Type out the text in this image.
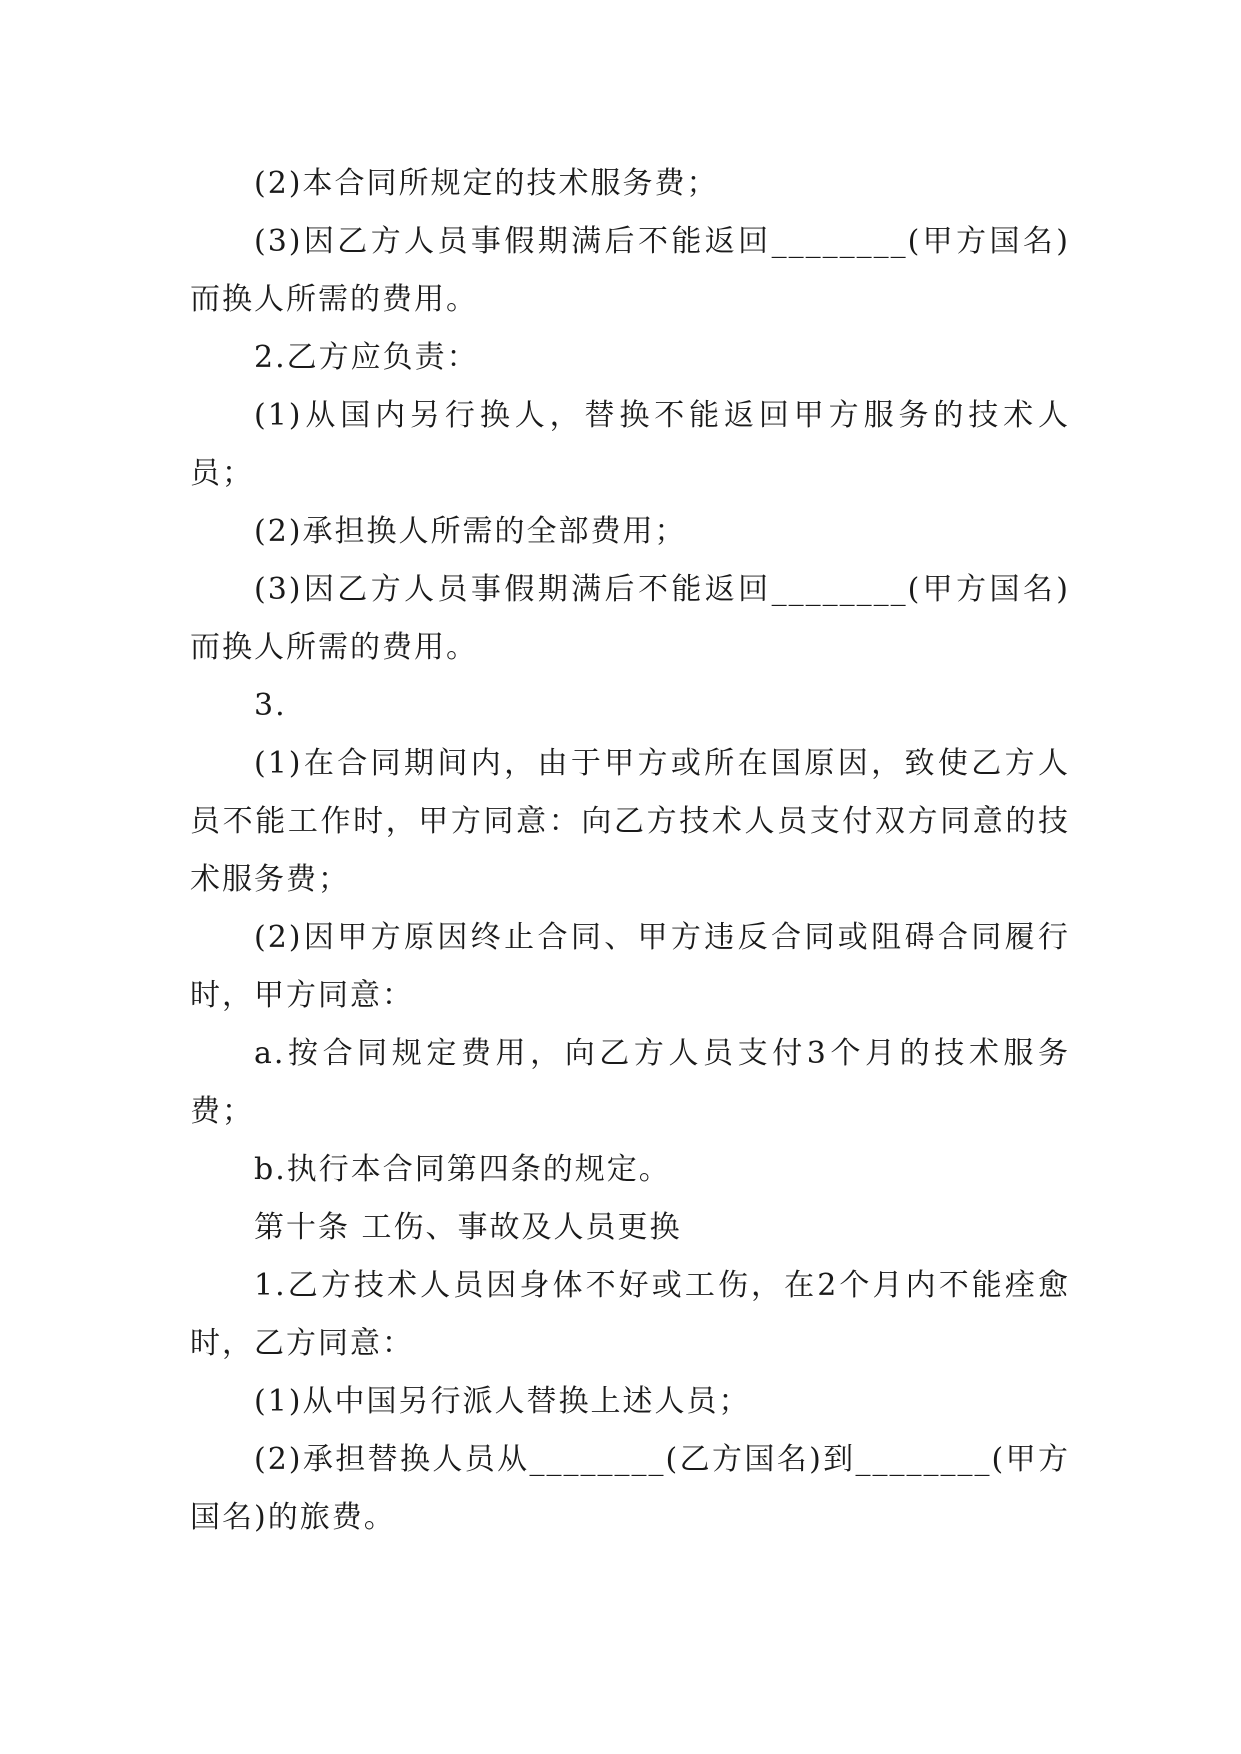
(2)本合同所规定的技术服务费；

(3)因乙方人员事假期满后不能返回________(甲方国名)而换人所需的费用。

2.乙方应负责：

(1)从国内另行换人，替换不能返回甲方服务的技术人员；

(2)承担换人所需的全部费用；

(3)因乙方人员事假期满后不能返回________(甲方国名)而换人所需的费用。

3.

(1)在合同期间内，由于甲方或所在国原因，致使乙方人员不能工作时，甲方同意：向乙方技术人员支付双方同意的技术服务费；

(2)因甲方原因终止合同、甲方违反合同或阻碍合同履行时，甲方同意：

a.按合同规定费用，向乙方人员支付3个月的技术服务费；

b.执行本合同第四条的规定。

第十条 工伤、事故及人员更换

1.乙方技术人员因身体不好或工伤，在2个月内不能痊愈时，乙方同意：

(1)从中国另行派人替换上述人员；

(2)承担替换人员从________(乙方国名)到________(甲方国名)的旅费。
